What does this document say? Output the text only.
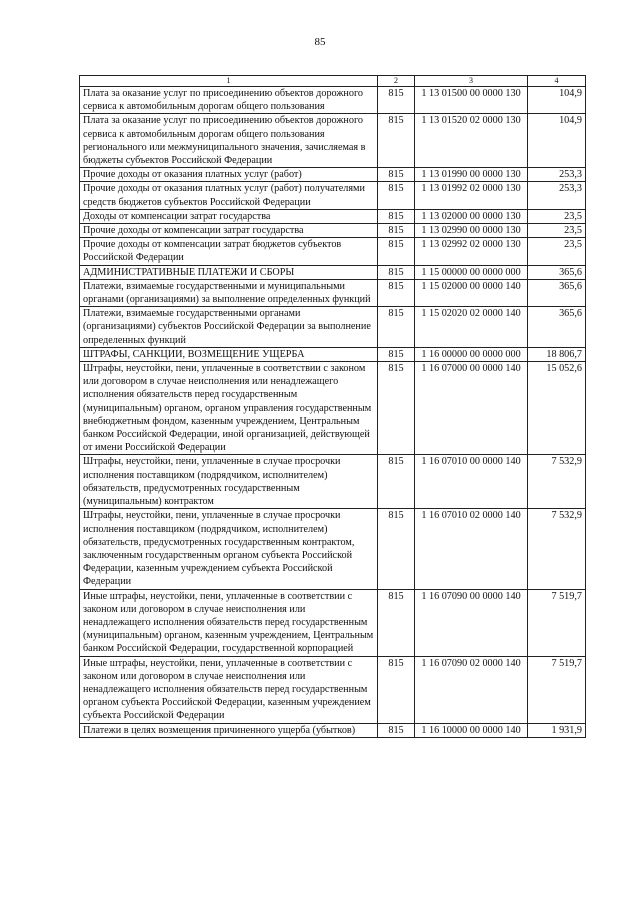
85
1	2	3	4
Плата за оказание услуг по присоединению объектов дорожного сервиса к автомобильным дорогам общего пользования	815	1 13 01500 00 0000 130	104,9
Плата за оказание услуг по присоединению объектов дорожного сервиса к автомобильным дорогам общего пользования регионального или межмуниципального значения, зачисляемая в бюджеты субъектов Российской Федерации	815	1 13 01520 02 0000 130	104,9
Прочие доходы от оказания платных услуг (работ)	815	1 13 01990 00 0000 130	253,3
Прочие доходы от оказания платных услуг (работ) получателями средств бюджетов субъектов Российской Федерации	815	1 13 01992 02 0000 130	253,3
Доходы от компенсации затрат государства	815	1 13 02000 00 0000 130	23,5
Прочие доходы от компенсации затрат государства	815	1 13 02990 00 0000 130	23,5
Прочие доходы от компенсации затрат бюджетов субъектов Российской Федерации	815	1 13 02992 02 0000 130	23,5
АДМИНИСТРАТИВНЫЕ ПЛАТЕЖИ И СБОРЫ	815	1 15 00000 00 0000 000	365,6
Платежи, взимаемые государственными и муниципальными органами (организациями) за выполнение определенных функций	815	1 15 02000 00 0000 140	365,6
Платежи, взимаемые государственными органами (организациями) субъектов Российской Федерации за выполнение определенных функций	815	1 15 02020 02 0000 140	365,6
ШТРАФЫ, САНКЦИИ, ВОЗМЕЩЕНИЕ УЩЕРБА	815	1 16 00000 00 0000 000	18 806,7
Штрафы, неустойки, пени, уплаченные в соответствии с законом или договором в случае неисполнения или ненадлежащего исполнения обязательств перед государственным (муниципальным) органом, органом управления государственным внебюджетным фондом, казенным учреждением, Центральным банком Российской Федерации, иной организацией, действующей от имени Российской Федерации	815	1 16 07000 00 0000 140	15 052,6
Штрафы, неустойки, пени, уплаченные в случае просрочки исполнения поставщиком (подрядчиком, исполнителем) обязательств, предусмотренных государственным (муниципальным) контрактом	815	1 16 07010 00 0000 140	7 532,9
Штрафы, неустойки, пени, уплаченные в случае просрочки исполнения поставщиком (подрядчиком, исполнителем) обязательств, предусмотренных государственным контрактом, заключенным государственным органом субъекта Российской Федерации, казенным учреждением субъекта Российской Федерации	815	1 16 07010 02 0000 140	7 532,9
Иные штрафы, неустойки, пени, уплаченные в соответствии с законом или договором в случае неисполнения или ненадлежащего исполнения обязательств перед государственным (муниципальным) органом, казенным учреждением, Центральным банком Российской Федерации, государственной корпорацией	815	1 16 07090 00 0000 140	7 519,7
Иные штрафы, неустойки, пени, уплаченные в соответствии с законом или договором в случае неисполнения или ненадлежащего исполнения обязательств перед государственным органом субъекта Российской Федерации, казенным учреждением субъекта Российской Федерации	815	1 16 07090 02 0000 140	7 519,7
Платежи в целях возмещения причиненного ущерба (убытков)	815	1 16 10000 00 0000 140	1 931,9
